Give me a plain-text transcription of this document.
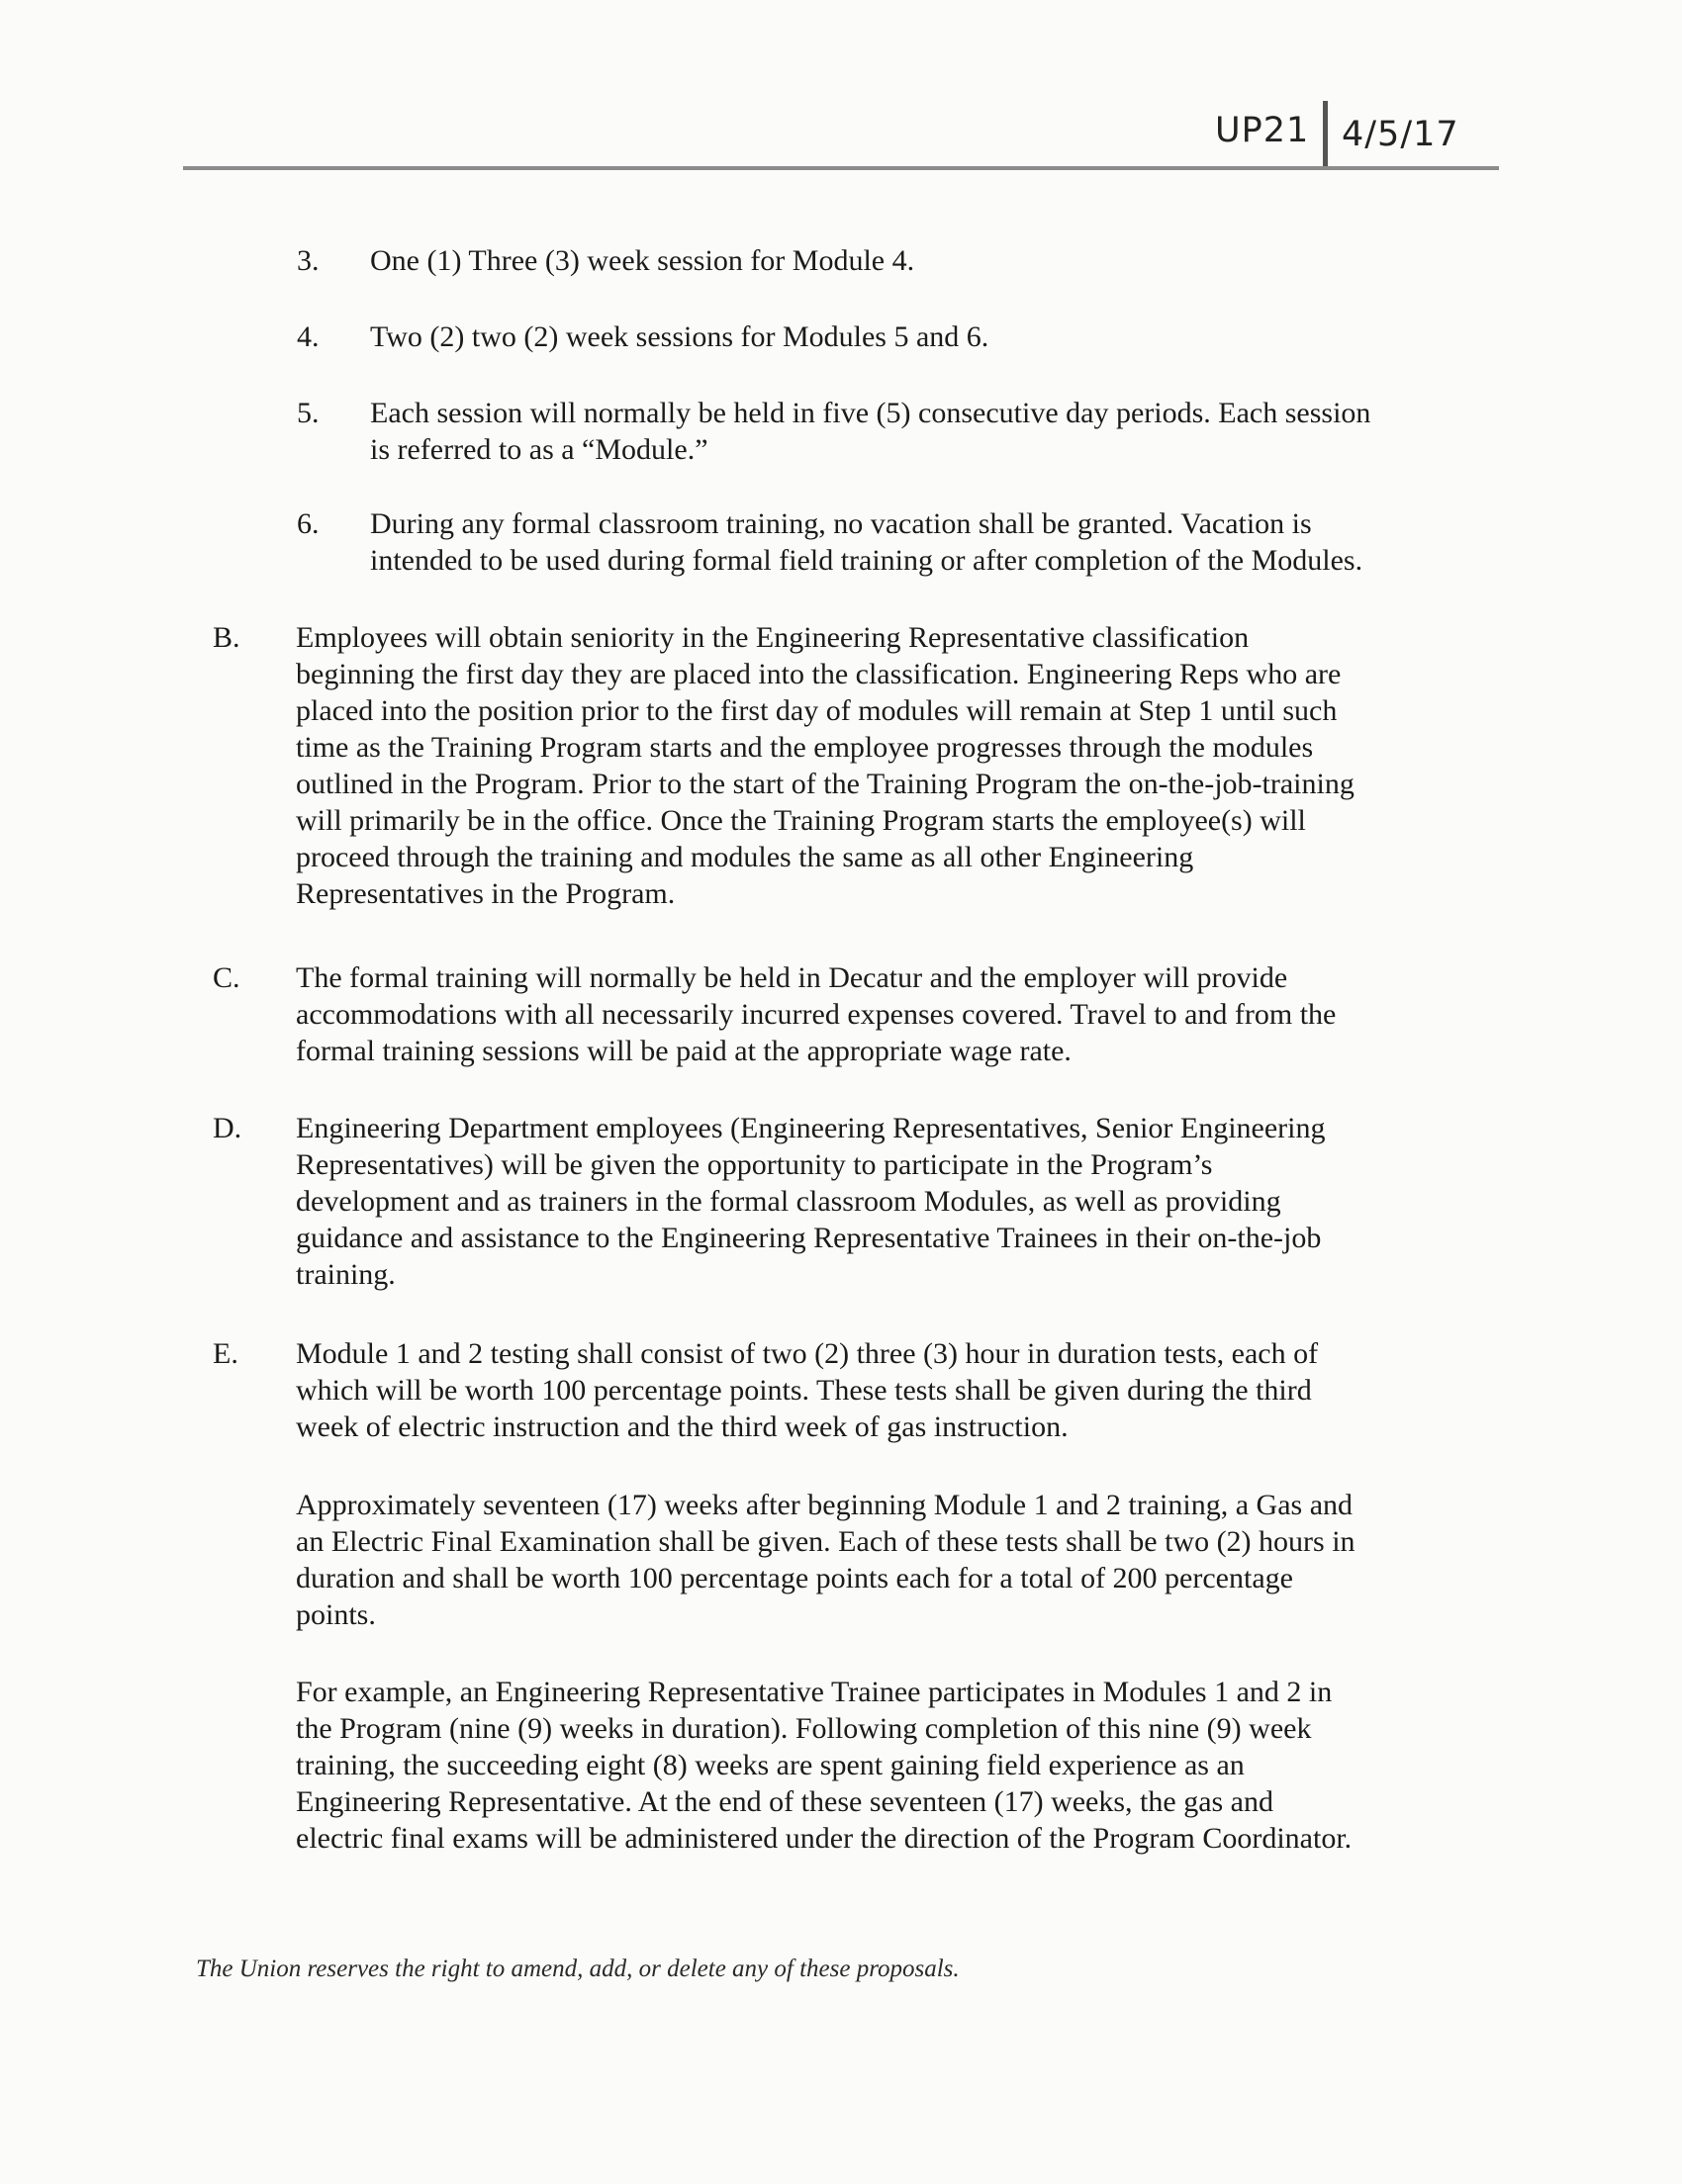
UP21 4/5/17
3. One (1) Three (3) week session for Module 4.
4. Two (2) two (2) week sessions for Modules 5 and 6.
5. Each session will normally be held in five (5) consecutive day periods. Each session
is referred to as a “Module.”
6. During any formal classroom training, no vacation shall be granted. Vacation is
intended to be used during formal field training or after completion of the Modules.
B. Employees will obtain seniority in the Engineering Representative classification
beginning the first day they are placed into the classification. Engineering Reps who are
placed into the position prior to the first day of modules will remain at Step 1 until such
time as the Training Program starts and the employee progresses through the modules
outlined in the Program. Prior to the start of the Training Program the on-the-job-training
will primarily be in the office. Once the Training Program starts the employee(s) will
proceed through the training and modules the same as all other Engineering
Representatives in the Program.
C. The formal training will normally be held in Decatur and the employer will provide
accommodations with all necessarily incurred expenses covered. Travel to and from the
formal training sessions will be paid at the appropriate wage rate.
D. Engineering Department employees (Engineering Representatives, Senior Engineering
Representatives) will be given the opportunity to participate in the Program’s
development and as trainers in the formal classroom Modules, as well as providing
guidance and assistance to the Engineering Representative Trainees in their on-the-job
training.
E. Module 1 and 2 testing shall consist of two (2) three (3) hour in duration tests, each of
which will be worth 100 percentage points. These tests shall be given during the third
week of electric instruction and the third week of gas instruction.
Approximately seventeen (17) weeks after beginning Module 1 and 2 training, a Gas and
an Electric Final Examination shall be given. Each of these tests shall be two (2) hours in
duration and shall be worth 100 percentage points each for a total of 200 percentage
points.
For example, an Engineering Representative Trainee participates in Modules 1 and 2 in
the Program (nine (9) weeks in duration). Following completion of this nine (9) week
training, the succeeding eight (8) weeks are spent gaining field experience as an
Engineering Representative. At the end of these seventeen (17) weeks, the gas and
electric final exams will be administered under the direction of the Program Coordinator.
The Union reserves the right to amend, add, or delete any of these proposals.
